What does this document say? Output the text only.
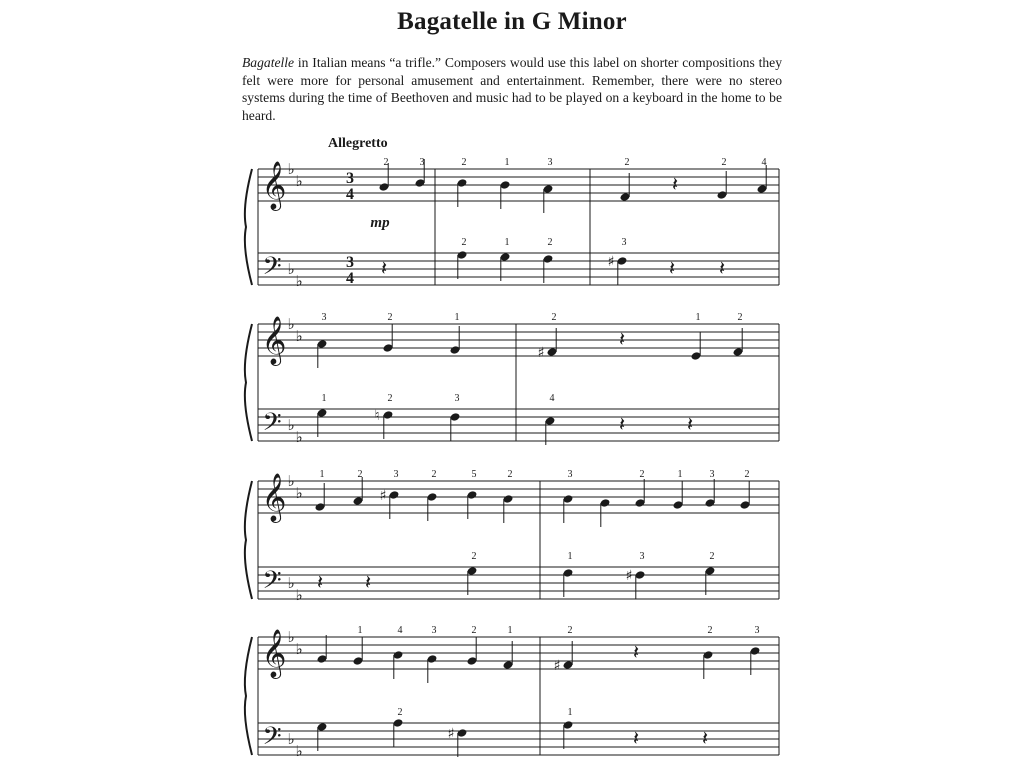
Bagatelle in G Minor
Bagatelle in Italian means “a trifle.” Composers would use this label on shorter compositions they felt were more for personal amusement and entertainment. Remember, there were no stereo systems during the time of Beethoven and music had to be played on a keyboard in the home to be heard.
Allegretto
𝄞
𝄢
♭
♭
♭
♭
3
4
3
4
mp
♯
𝄽
𝄽	𝄽 𝄽
2	3	2	1	3	2	2	4
2	1	2	3
𝄞
𝄢
♭
♭
♭
♭
♯
♮
𝄽
𝄽	𝄽
3	2	1	2	1	2
1	2	3	4
𝄞
𝄢
♭
♭
♭
♭
♯
♯
𝄽 𝄽
1	2	3	2	5	2	3	2	1	3	2
2	1	3	2
𝄞
𝄢
♭
♭
♭
♭
♯
♯
𝄽
𝄽	𝄽
1	4	3	2	1	2	2	3
2	1
